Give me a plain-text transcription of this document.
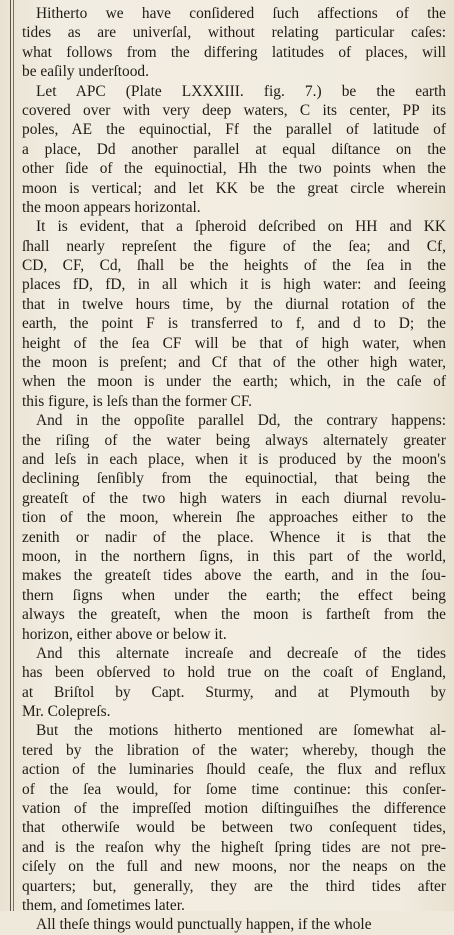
Hitherto we have conſidered ſuch affections of the
tides as are univerſal, without relating particular caſes:
what follows from the differing latitudes of places, will
be eaſily underſtood.
Let APC (Plate LXXXIII. fig. 7.) be the earth
covered over with very deep waters, C its center, PP its
poles, AE the equinoctial, Ff the parallel of latitude of
a place, Dd another parallel at equal diſtance on the
other ſide of the equinoctial, Hh the two points when the
moon is vertical; and let KK be the great circle wherein
the moon appears horizontal.
It is evident, that a ſpheroid deſcribed on HH and KK
ſhall nearly repreſent the figure of the ſea; and Cf,
CD, CF, Cd, ſhall be the heights of the ſea in the
places fD, fD, in all which it is high water: and ſeeing
that in twelve hours time, by the diurnal rotation of the
earth, the point F is transferred to f, and d to D; the
height of the ſea CF will be that of high water, when
the moon is preſent; and Cf that of the other high water,
when the moon is under the earth; which, in the caſe of
this figure, is leſs than the former CF.
And in the oppoſite parallel Dd, the contrary happens:
the riſing of the water being always alternately greater
and leſs in each place, when it is produced by the moon's
declining ſenſibly from the equinoctial, that being the
greateſt of the two high waters in each diurnal revolu-
tion of the moon, wherein ſhe approaches either to the
zenith or nadir of the place. Whence it is that the
moon, in the northern ſigns, in this part of the world,
makes the greateſt tides above the earth, and in the ſou-
thern ſigns when under the earth; the effect being
always the greateſt, when the moon is fartheſt from the
horizon, either above or below it.
And this alternate increaſe and decreaſe of the tides
has been obſerved to hold true on the coaſt of England,
at Briſtol by Capt. Sturmy, and at Plymouth by
Mr. Colepreſs.
But the motions hitherto mentioned are ſomewhat al-
tered by the libration of the water; whereby, though the
action of the luminaries ſhould ceaſe, the flux and reflux
of the ſea would, for ſome time continue: this conſer-
vation of the impreſſed motion diſtinguiſhes the difference
that otherwiſe would be between two conſequent tides,
and is the reaſon why the higheſt ſpring tides are not pre-
ciſely on the full and new moons, nor the neaps on the
quarters; but, generally, they are the third tides after
them, and ſometimes later.
All theſe things would punctually happen, if the whole
